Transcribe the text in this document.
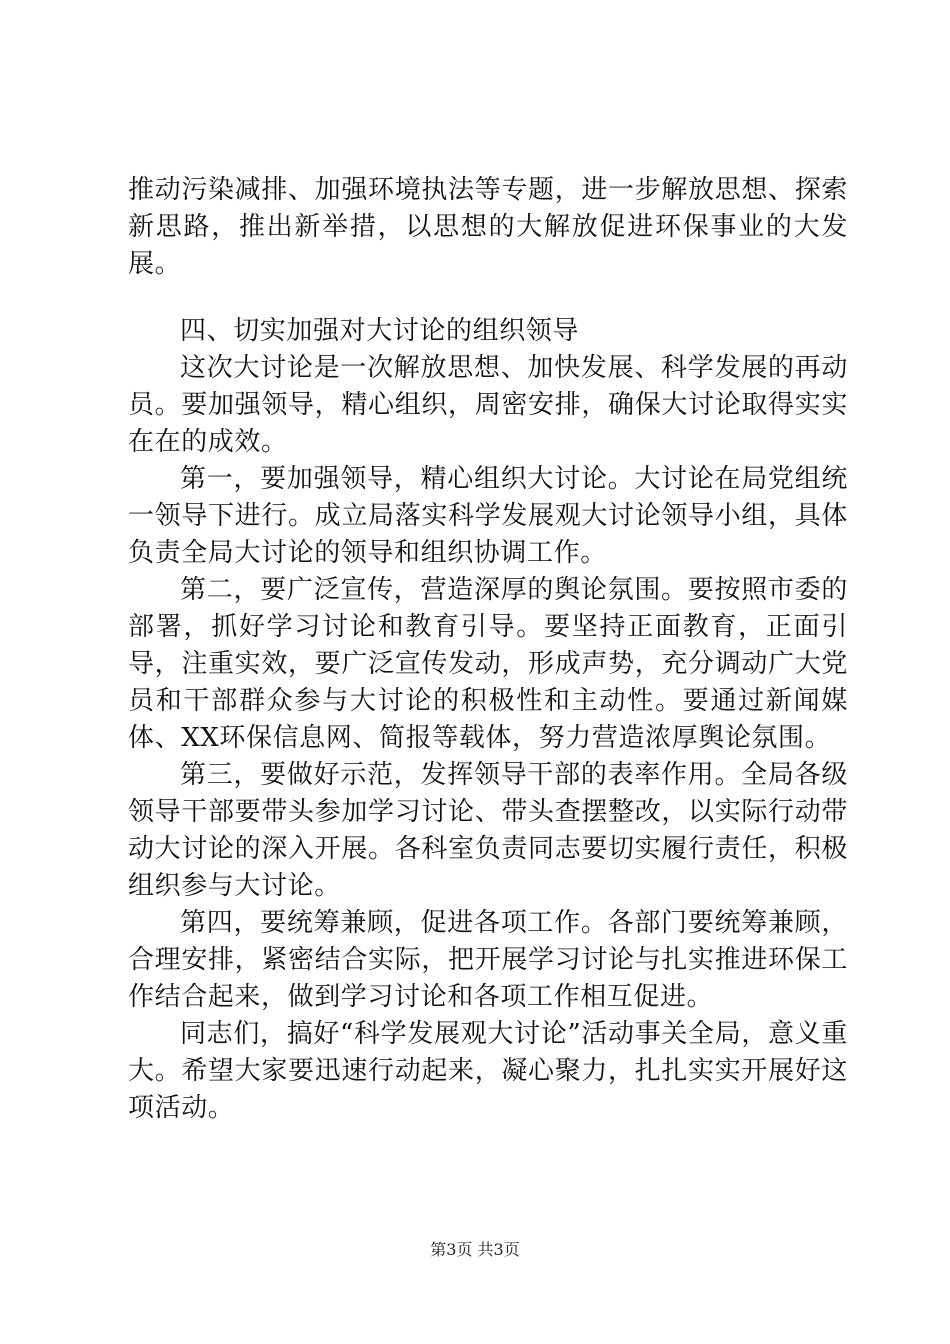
推动污染减排、加强环境执法等专题，进一步解放思想、探索新思路，推出新举措，以思想的大解放促进环保事业的大发展。

四、切实加强对大讨论的组织领导

这次大讨论是一次解放思想、加快发展、科学发展的再动员。要加强领导，精心组织，周密安排，确保大讨论取得实实在在的成效。

第一，要加强领导，精心组织大讨论。大讨论在局党组统一领导下进行。成立局落实科学发展观大讨论领导小组，具体负责全局大讨论的领导和组织协调工作。

第二，要广泛宣传，营造深厚的舆论氛围。要按照市委的部署，抓好学习讨论和教育引导。要坚持正面教育，正面引导，注重实效，要广泛宣传发动，形成声势，充分调动广大党员和干部群众参与大讨论的积极性和主动性。要通过新闻媒体、XX环保信息网、简报等载体，努力营造浓厚舆论氛围。

第三，要做好示范，发挥领导干部的表率作用。全局各级领导干部要带头参加学习讨论、带头查摆整改，以实际行动带动大讨论的深入开展。各科室负责同志要切实履行责任，积极组织参与大讨论。

第四，要统筹兼顾，促进各项工作。各部门要统筹兼顾，合理安排，紧密结合实际，把开展学习讨论与扎实推进环保工作结合起来，做到学习讨论和各项工作相互促进。

同志们，搞好“科学发展观大讨论”活动事关全局，意义重大。希望大家要迅速行动起来，凝心聚力，扎扎实实开展好这项活动。

第3页 共3页
